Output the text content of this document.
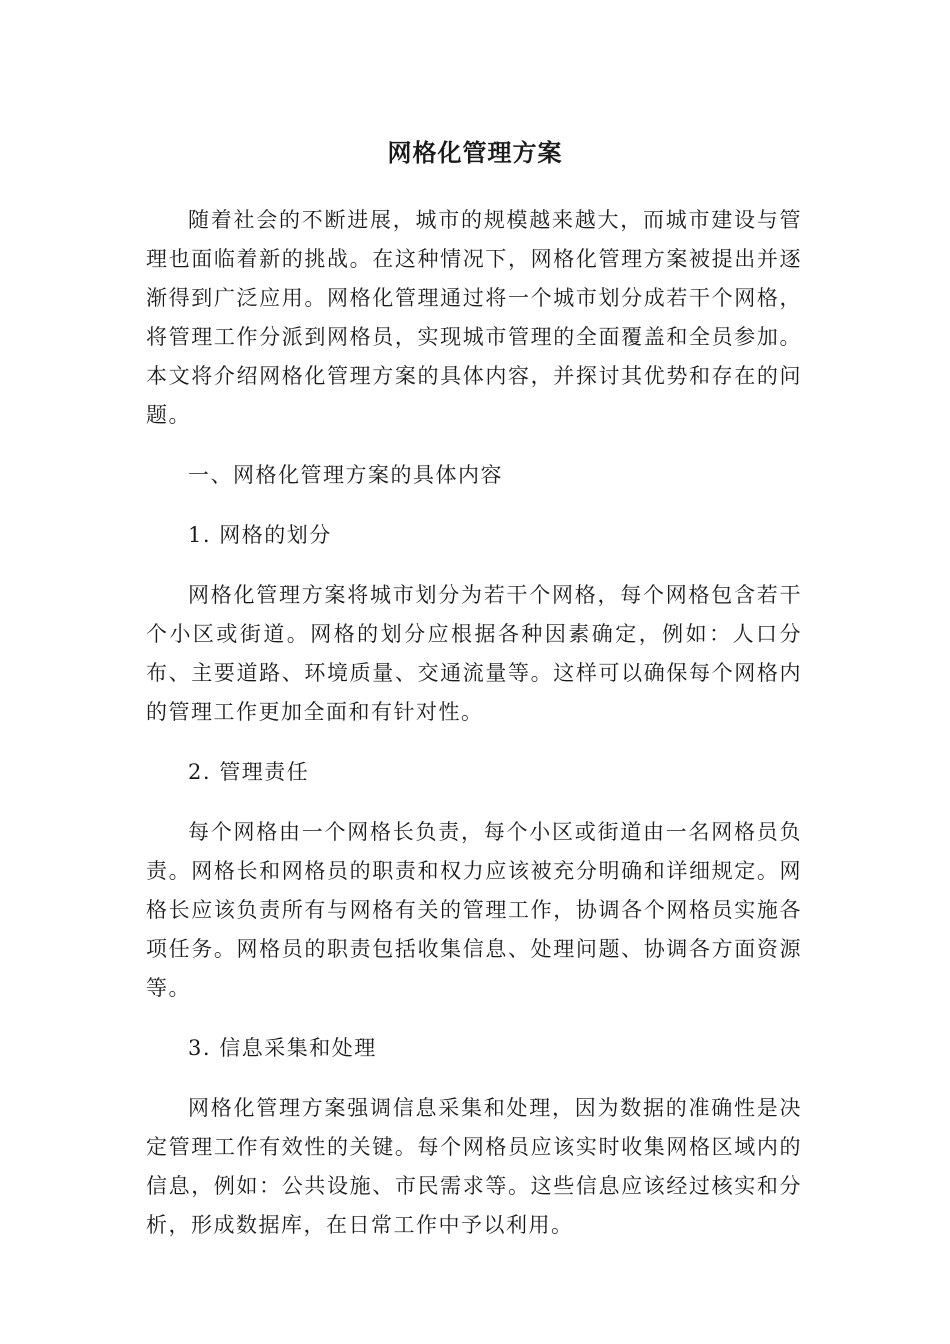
网格化管理方案

随着社会的不断进展，城市的规模越来越大，而城市建设与管理也面临着新的挑战。在这种情况下，网格化管理方案被提出并逐渐得到广泛应用。网格化管理通过将一个城市划分成若干个网格，将管理工作分派到网格员，实现城市管理的全面覆盖和全员参加。本文将介绍网格化管理方案的具体内容，并探讨其优势和存在的问题。

一、网格化管理方案的具体内容

1. 网格的划分

网格化管理方案将城市划分为若干个网格，每个网格包含若干个小区或街道。网格的划分应根据各种因素确定，例如：人口分布、主要道路、环境质量、交通流量等。这样可以确保每个网格内的管理工作更加全面和有针对性。

2. 管理责任

每个网格由一个网格长负责，每个小区或街道由一名网格员负责。网格长和网格员的职责和权力应该被充分明确和详细规定。网格长应该负责所有与网格有关的管理工作，协调各个网格员实施各项任务。网格员的职责包括收集信息、处理问题、协调各方面资源等。

3. 信息采集和处理

网格化管理方案强调信息采集和处理，因为数据的准确性是决定管理工作有效性的关键。每个网格员应该实时收集网格区域内的信息，例如：公共设施、市民需求等。这些信息应该经过核实和分析，形成数据库，在日常工作中予以利用。
